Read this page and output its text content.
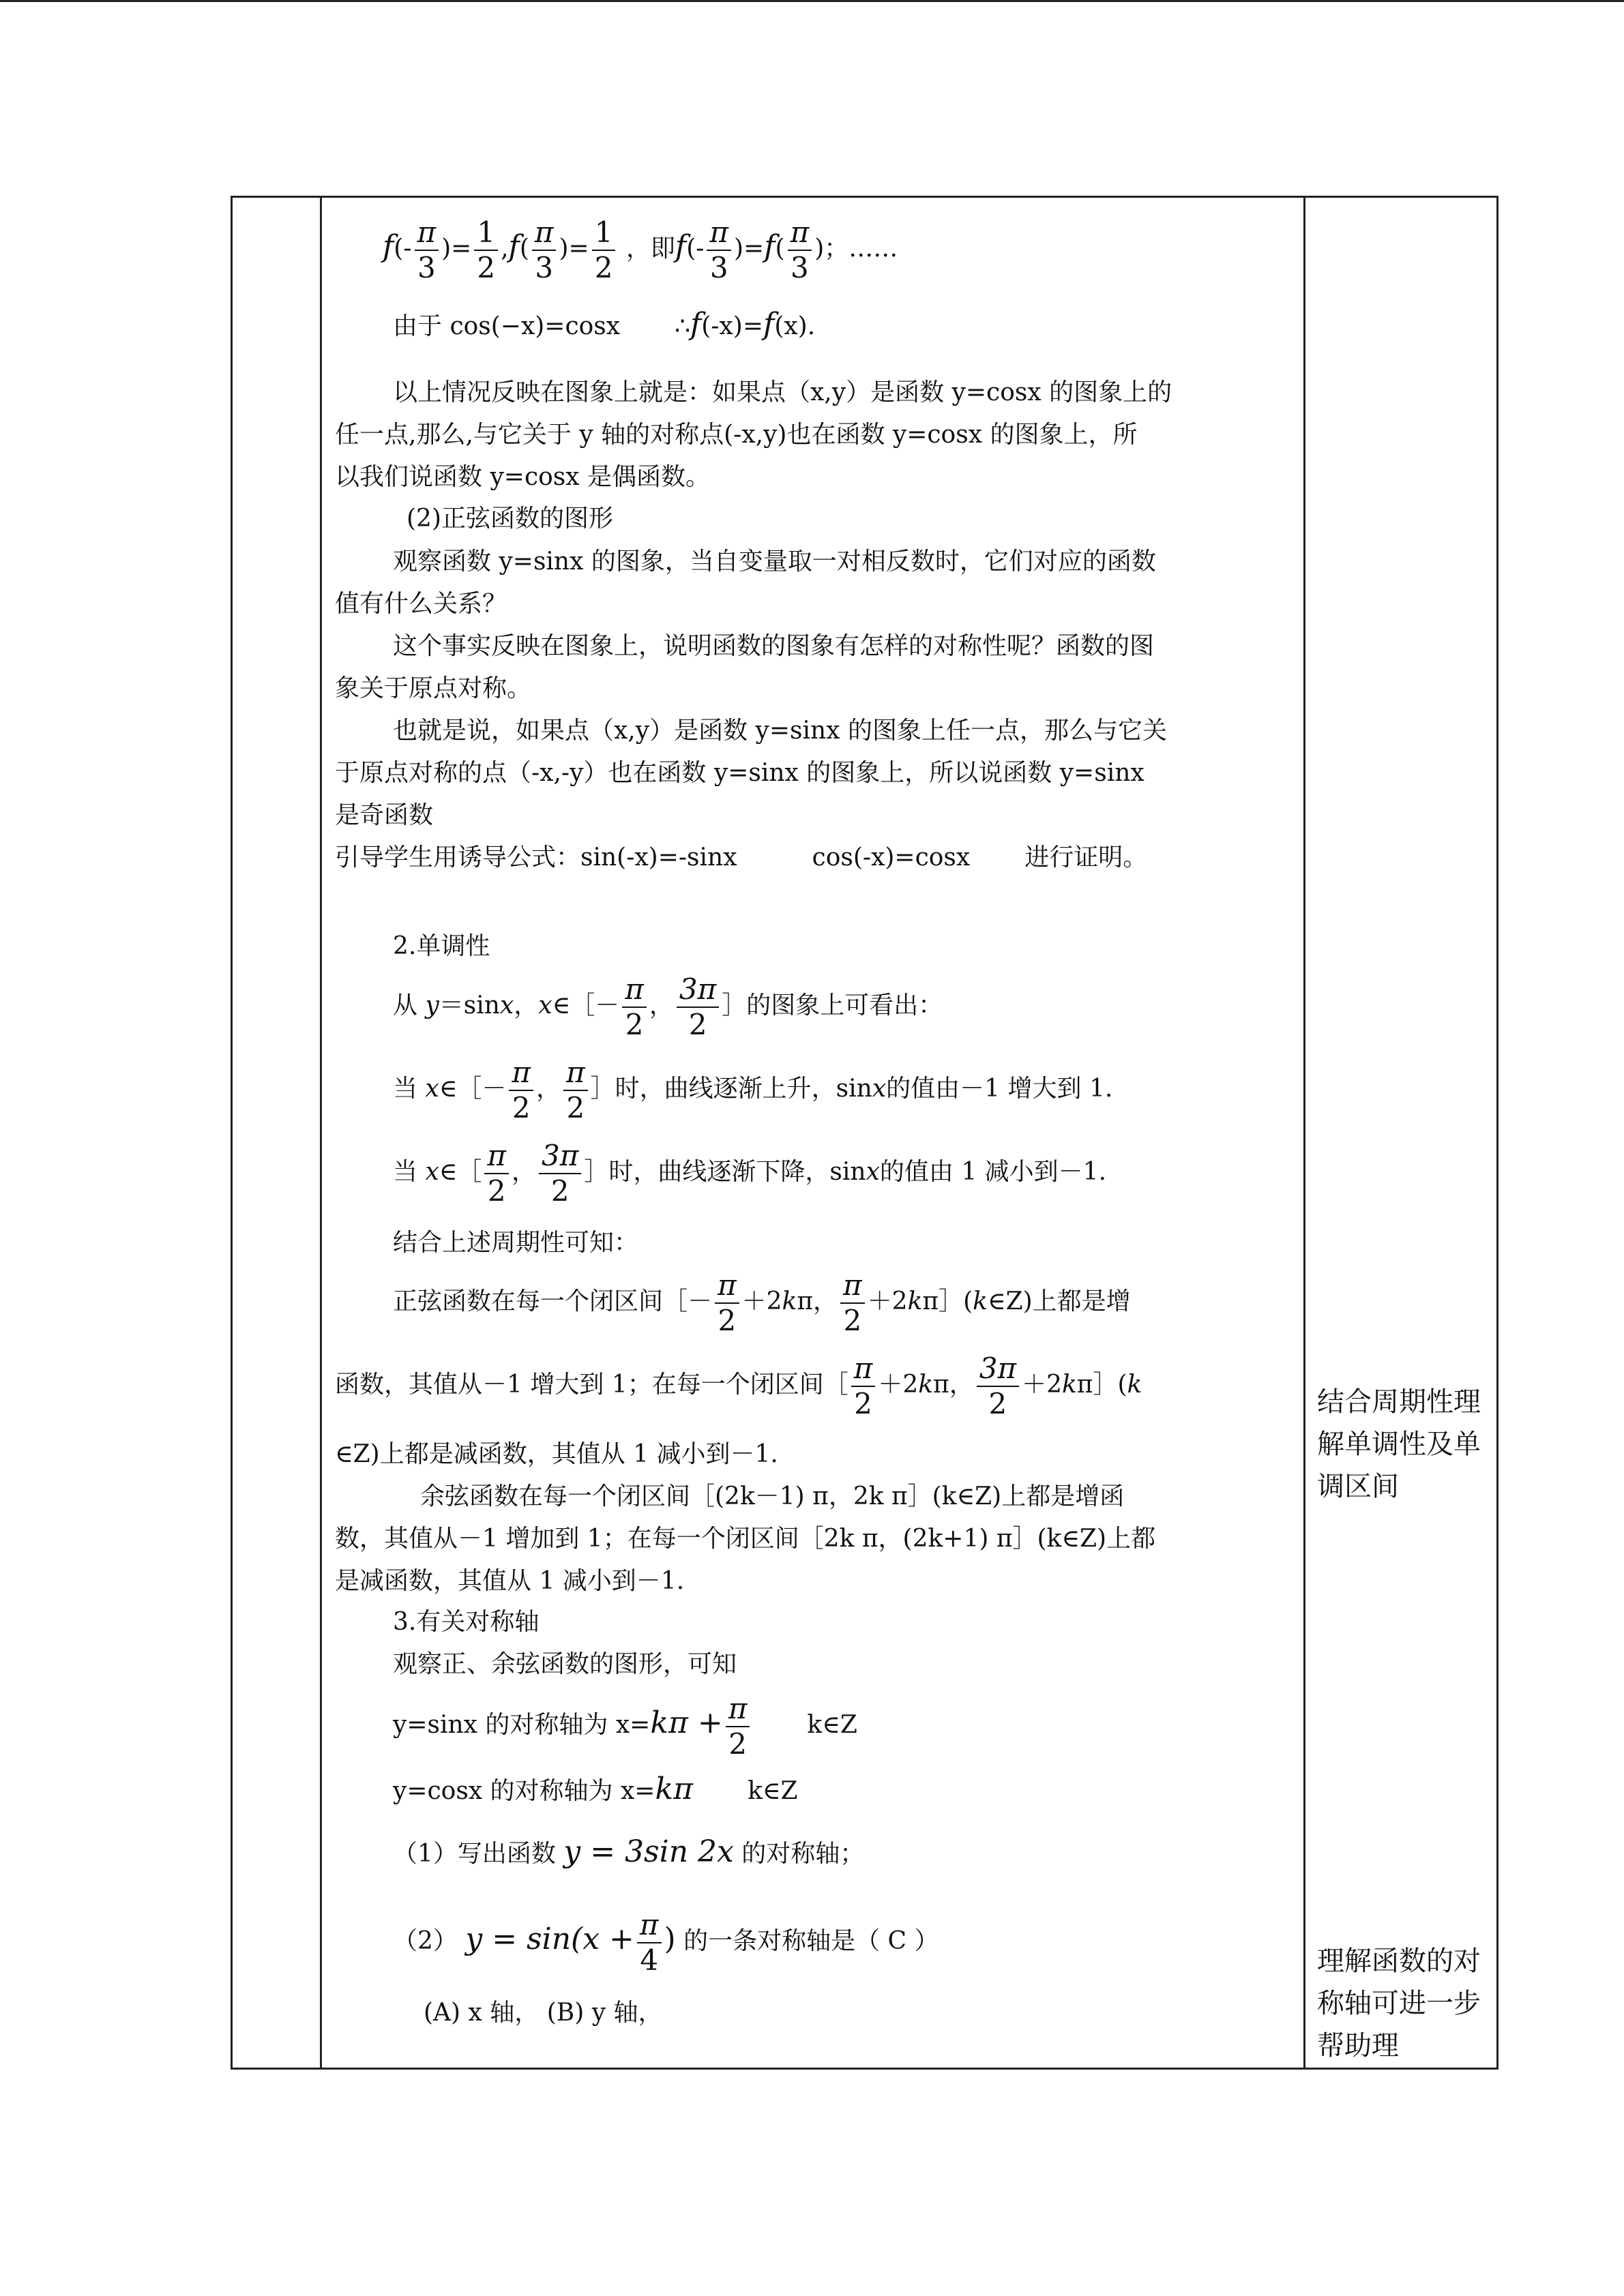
$f(- \frac{\pi}{3}$ )= $\frac{1}{2} ,f( \frac{\pi}{3}$ )= $\frac{1}{2}$ ，即$f(- \frac{\pi}{3} )=f( \frac{\pi}{3}$ )；……
由于 cos(−x)=cosx ∴f(-x)=f(x).
以上情况反映在图象上就是：如果点（x,y）是函数 y=cosx 的图象上的
任一点,那么,与它关于 y 轴的对称点(-x,y)也在函数 y=cosx 的图象上，所
以我们说函数 y=cosx 是偶函数。
(2)正弦函数的图形
观察函数 y=sinx 的图象，当自变量取一对相反数时，它们对应的函数
值有什么关系？
这个事实反映在图象上，说明函数的图象有怎样的对称性呢？函数的图
象关于原点对称。
也就是说，如果点（x,y）是函数 y=sinx 的图象上任一点，那么与它关
于原点对称的点（-x,-y）也在函数 y=sinx 的图象上，所以说函数 y=sinx
是奇函数
引导学生用诱导公式：sin(-x)=-sinx	cos(-x)=cosx 进行证明。
2.单调性
从 y＝sinx，x∈［－ $\frac{\pi}{2}$ ， $\frac{3\pi}{2}$ ］的图象上可看出：
当 x∈［－ $\frac{\pi}{2}$ ， $\frac{\pi}{2}$ ］时，曲线逐渐上升，sinx的值由－1 增大到 1.
当 x∈［ $\frac{\pi}{2}$ ， $\frac{3\pi}{2}$ ］时，曲线逐渐下降，sinx的值由 1 减小到－1.
结合上述周期性可知：
正弦函数在每一个闭区间［－ $\frac{\pi}{2} +2k\pi$， $\frac{\pi}{2}$ ＋2kπ］(k∈Z)上都是增
函数，其值从－1 增大到 1；在每一个闭区间［ $\frac{\pi}{2} +2k\pi$， $\frac{3\pi}{2}$ ＋2kπ］(k
∈Z)上都是减函数，其值从 1 减小到－1.
余弦函数在每一个闭区间［(2k－1) π，2k π］(k∈Z)上都是增函
数，其值从－1 增加到 1；在每一个闭区间［2k π，(2k+1) π］(k∈Z)上都
是减函数，其值从 1 减小到－1.
3.有关对称轴
观察正、余弦函数的图形，可知
y=sinx 的对称轴为 $x=k\pi + \frac{\pi}{2}$ k∈Z
y=cosx 的对称轴为 x=kπ k∈Z
（1）写出函数 y = 3sin 2x 的对称轴；
（2） $y = \sin(x + \frac{\pi}{4}$ ) 的一条对称轴是（ C ）
(A) x 轴， (B) y 轴，
结合周期性理解单调性及单调区间
理解函数的对称轴可进一步帮助理
